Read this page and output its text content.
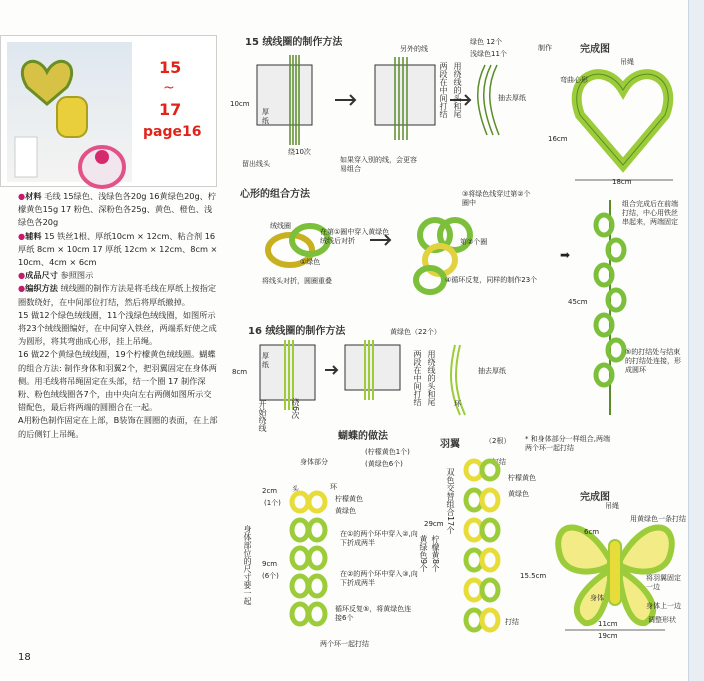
15
~
17
page16
●材料 毛线 15绿色、浅绿色各20g 16黄绿色20g、柠檬黄色15g 17 粉色、深粉色各25g、黄色、橙色、浅绿色各20g
●辅料 15 铁丝1根、厚纸10cm × 12cm、粘合剂 16 厚纸 8cm × 10cm 17 厚纸 12cm × 12cm、8cm × 10cm、4cm × 6cm
●成品尺寸 参照图示
●编织方法 绒线圈的制作方法是将毛线在厚纸上按指定圈数绕好，在中间部位打结，然后将厚纸撤掉。
15 做12个绿色绒线圈，11个浅绿色绒线圈，如图所示将23个绒线圈编好，在中间穿入铁丝，两端系好使之成为圆形，将其弯曲成心形，挂上吊绳。
16 做22个黄绿色绒线圈，19个柠檬黄色绒线圈。蝴蝶的组合方法: 制作身体和羽翼2个，把羽翼固定在身体两侧。用毛线将吊绳固定在头部，结一个圈 17 制作深粉、粉色绒线圈各7个，由中央向左右两侧如图所示交错配色，最后将两端的圆圈合在一起。
A用粉色制作固定在上部，B装饰在圆圈的表面，在上部的后侧钉上吊绳。
18
15 绒线圈的制作方法
厚纸
10cm
留出线头
绕10次
另外的线
两段在中间打结 用绕线的头和尾	抽去厚纸
如果穿入别的线，会更容易组合
绿色 12个
浅绿色11个
制作	完成图
吊绳
弯曲心形
16cm
18cm
心形的组合方法
绒线圈
在第①圈中穿入黄绿色绒线后对折
①绿色
将线头对折，圆圈重叠
③将绿色线穿过第②个圈中
第②个圈
④循环反复，同样的制作23个
45cm
组合完成后在前端打结，中心用铁丝串起来，两端固定
⑤的打结处与结束的打结处连接，形成圆环
➡
16 绒线圈的制作方法	黄绿色（22个）
8cm
厚纸
开始绕线	绕6次
两段在中间打结 用绕线的头和尾	抽去厚纸
环
蝴蝶的做法
(柠檬黄色1个)
(黄绿色6个)
身体部分
头	环
柠檬黄色
黄绿色
2cm
(1个)
9cm
(6个)
身体部位的尺寸要一起	在①的两个环中穿入②,向下折成两半
在②的两个环中穿入③,向下折成两半
循环反复⑤，将黄绿色连接6个
两个环一起打结
羽翼	（2根） * 和身体部分一样组合,两端两个环一起打结
打结
柠檬黄色
黄绿色
29cm 双色交替组合17个
柠檬黄8个
黄绿色9个
打结
完成图
吊绳
用黄绿色一条打结
6cm
将羽翼固定一边
身体
身体上一边
调整形状
15.5cm
11cm
19cm
